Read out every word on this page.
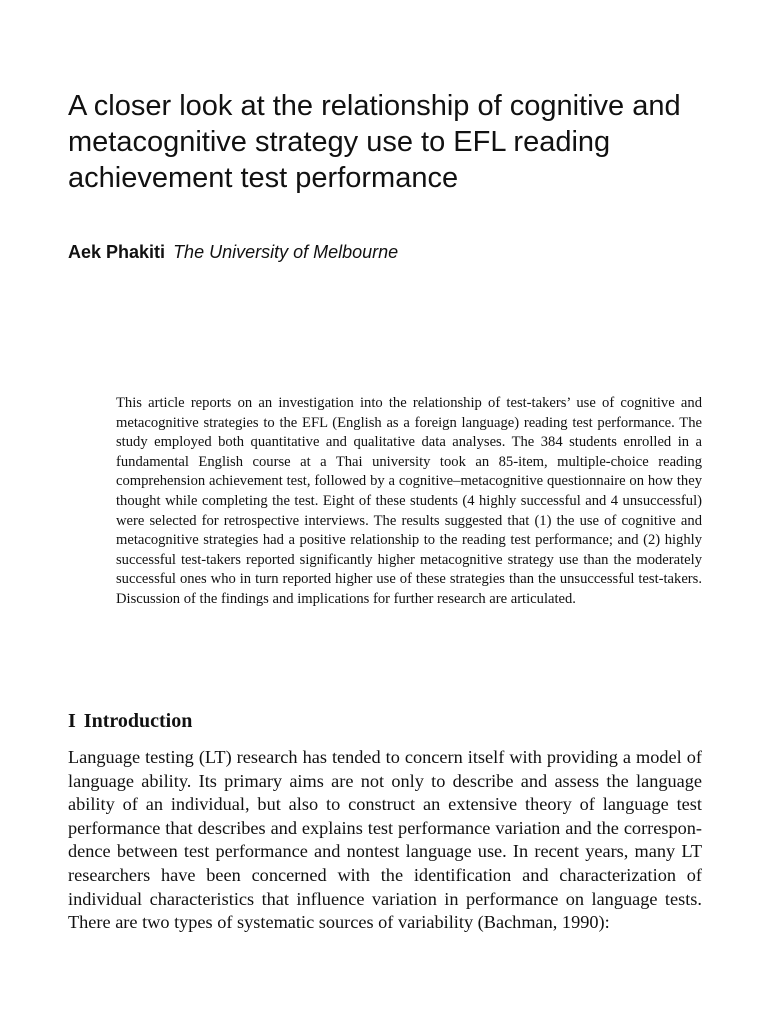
A closer look at the relationship of cognitive and metacognitive strategy use to EFL reading achievement test performance
Aek Phakiti The University of Melbourne

This article reports on an investigation into the relationship of test-takers’ use of cognitive and metacognitive strategies to the EFL (English as a foreign language) reading test performance. The study employed both quantitative and qualitative data analyses. The 384 students enrolled in a fundamental English course at a Thai university took an 85-item, multiple-choice reading comprehension achievement test, followed by a cognitive–metacognitive questionnaire on how they thought while completing the test. Eight of these students (4 highly successful and 4 unsuccessful) were selected for retrospective interviews. The results suggested that (1) the use of cognitive and metacognitive strategies had a positive relationship to the reading test performance; and (2) highly successful test-takers reported significantly higher metacognitive strategy use than the moderately successful ones who in turn reported higher use of these strategies than the unsuccessful test-takers. Discussion of the findings and implications for further research are articulated.

I Introduction

Language testing (LT) research has tended to concern itself with providing a model of language ability. Its primary aims are not only to describe and assess the language ability of an individual, but also to construct an extensive theory of language test performance that describes and explains test performance variation and the correspondence between test performance and nontest language use. In recent years, many LT researchers have been concerned with the identification and characterization of individual characteristics that influence variation in performance on language tests. There are two types of systematic sources of variability (Bachman, 1990):
